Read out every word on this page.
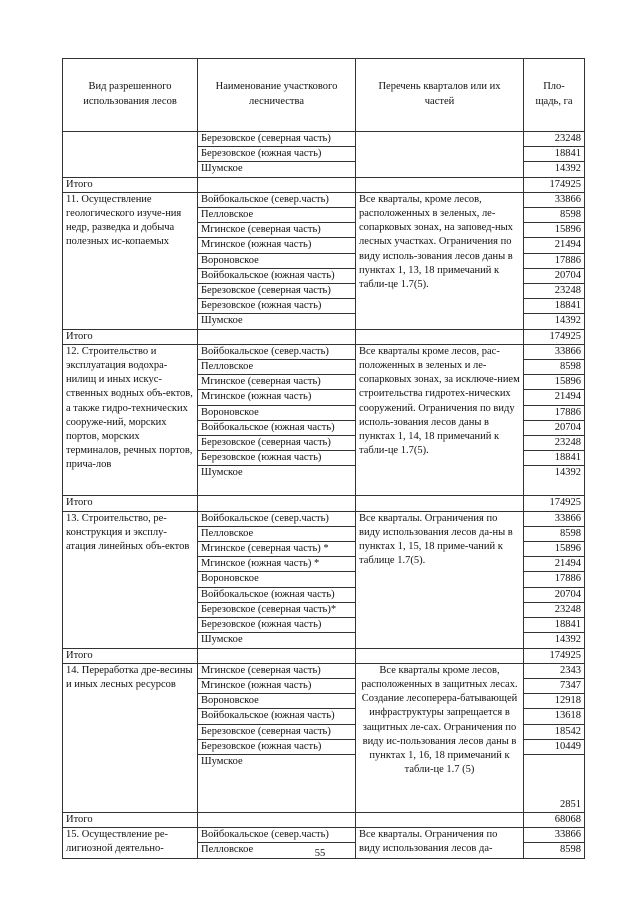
Вид разрешенного использования лесов	Наименование участкового лесничества	Перечень кварталов или их частей	Пло-щадь, га
	Березовское (северная часть)		23248
	Березовское (южная часть)		18841
	Шумское		14392
Итого			174925
11. Осуществление геологического изуче-ния недр, разведка и добыча полезных ис-копаемых	Войбокальское (север.часть)	Все кварталы, кроме лесов, расположенных в зеленых, ле-сопарковых зонах, на заповед-ных лесных участках. Ограничения по виду исполь-зования лесов даны в пунктах 1, 13, 18 примечаний к табли-це 1.7(5).	33866
	Пелловское		8598
	Мгинское (северная часть)		15896
	Мгинское (южная часть)		21494
	Вороновское		17886
	Войбокальское (южная часть)		20704
	Березовское (северная часть)		23248
	Березовское (южная часть)		18841
	Шумское		14392
Итого			174925
12. Строительство и эксплуатация водохра-нилищ и иных искус-ственных водных объ-ектов, а также гидро-технических сооруже-ний, морских портов, морских терминалов, речных портов, прича-лов	Войбокальское (север.часть)	Все кварталы кроме лесов, рас-положенных в зеленых и ле-сопарковых зонах, за исключе-нием строительства гидротех-нических сооружений. Ограничения по виду исполь-зования лесов даны в пунктах 1, 14, 18 примечаний к табли-це 1.7(5).	33866
	Пелловское		8598
	Мгинское (северная часть)		15896
	Мгинское (южная часть)		21494
	Вороновское		17886
	Войбокальское (южная часть)		20704
	Березовское (северная часть)		23248
	Березовское (южная часть)		18841
	Шумское		14392
Итого			174925
13. Строительство, ре-конструкция и эксплу-атация линейных объ-ектов	Войбокальское (север.часть)	Все кварталы. Ограничения по виду использования лесов да-ны в пунктах 1, 15, 18 приме-чаний к таблице 1.7(5).	33866
	Пелловское		8598
	Мгинское (северная часть) *		15896
	Мгинское (южная часть) *		21494
	Вороновское		17886
	Войбокальское (южная часть)		20704
	Березовское (северная часть)*		23248
	Березовское (южная часть)		18841
	Шумское		14392
Итого			174925
14. Переработка дре-весины и иных лесных ресурсов	Мгинское (северная часть)	Все кварталы кроме лесов, расположенных в защитных лесах. Создание лесоперера-батывающей инфраструктуры запрещается в защитных ле-сах. Ограничения по виду ис-пользования лесов даны в пунктах 1, 16, 18 примечаний к табли-це 1.7 (5)	2343
	Мгинское (южная часть)		7347
	Вороновское		12918
	Войбокальское (южная часть)		13618
	Березовское (северная часть)		18542
	Березовское (южная часть)		10449
	Шумское		2851
Итого			68068
15. Осуществление ре-лигиозной деятельно-	Войбокальское (север.часть)	Все кварталы. Ограничения по виду использования лесов да-	33866
	Пелловское		8598
55
